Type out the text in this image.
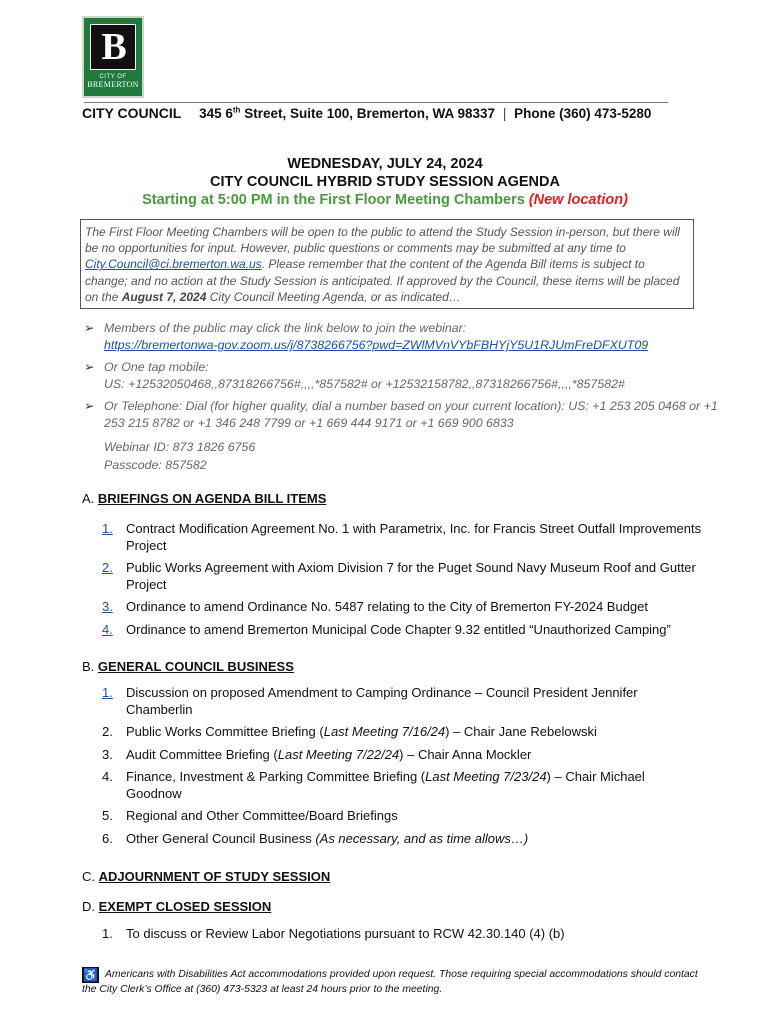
B
CITY OF
BREMERTON
CITY COUNCIL 345 6th Street, Suite 100, Bremerton, WA 98337 | Phone (360) 473-5280
WEDNESDAY, JULY 24, 2024
CITY COUNCIL HYBRID STUDY SESSION AGENDA
Starting at 5:00 PM in the First Floor Meeting Chambers (New location)
The First Floor Meeting Chambers will be open to the public to attend the Study Session in-person, but there will be no opportunities for input. However, public questions or comments may be submitted at any time to City.Council@ci.bremerton.wa.us. Please remember that the content of the Agenda Bill items is subject to change; and no action at the Study Session is anticipated. If approved by the Council, these items will be placed on the August 7, 2024 City Council Meeting Agenda, or as indicated…
➢ Members of the public may click the link below to join the webinar:
https://bremertonwa-gov.zoom.us/j/8738266756?pwd=ZWlMVnVYbFBHYjY5U1RJUmFreDFXUT09
➢ Or One tap mobile:
US: +12532050468,,87318266756#,,,,*857582# or +12532158782,,87318266756#,,,,*857582#
➢ Or Telephone: Dial (for higher quality, dial a number based on your current location): US: +1 253 205 0468 or +1 253 215 8782 or +1 346 248 7799 or +1 669 444 9171 or +1 669 900 6833
Webinar ID: 873 1826 6756
Passcode: 857582
A. BRIEFINGS ON AGENDA BILL ITEMS
1. Contract Modification Agreement No. 1 with Parametrix, Inc. for Francis Street Outfall Improvements Project
2. Public Works Agreement with Axiom Division 7 for the Puget Sound Navy Museum Roof and Gutter Project
3. Ordinance to amend Ordinance No. 5487 relating to the City of Bremerton FY-2024 Budget
4. Ordinance to amend Bremerton Municipal Code Chapter 9.32 entitled “Unauthorized Camping”
B. GENERAL COUNCIL BUSINESS
1. Discussion on proposed Amendment to Camping Ordinance – Council President Jennifer Chamberlin
2. Public Works Committee Briefing (Last Meeting 7/16/24) – Chair Jane Rebelowski
3. Audit Committee Briefing (Last Meeting 7/22/24) – Chair Anna Mockler
4. Finance, Investment & Parking Committee Briefing (Last Meeting 7/23/24) – Chair Michael Goodnow
5. Regional and Other Committee/Board Briefings
6. Other General Council Business (As necessary, and as time allows…)
C. ADJOURNMENT OF STUDY SESSION
D. EXEMPT CLOSED SESSION
1. To discuss or Review Labor Negotiations pursuant to RCW 42.30.140 (4) (b)
♿ Americans with Disabilities Act accommodations provided upon request. Those requiring special accommodations should contact the City Clerk’s Office at (360) 473-5323 at least 24 hours prior to the meeting.
